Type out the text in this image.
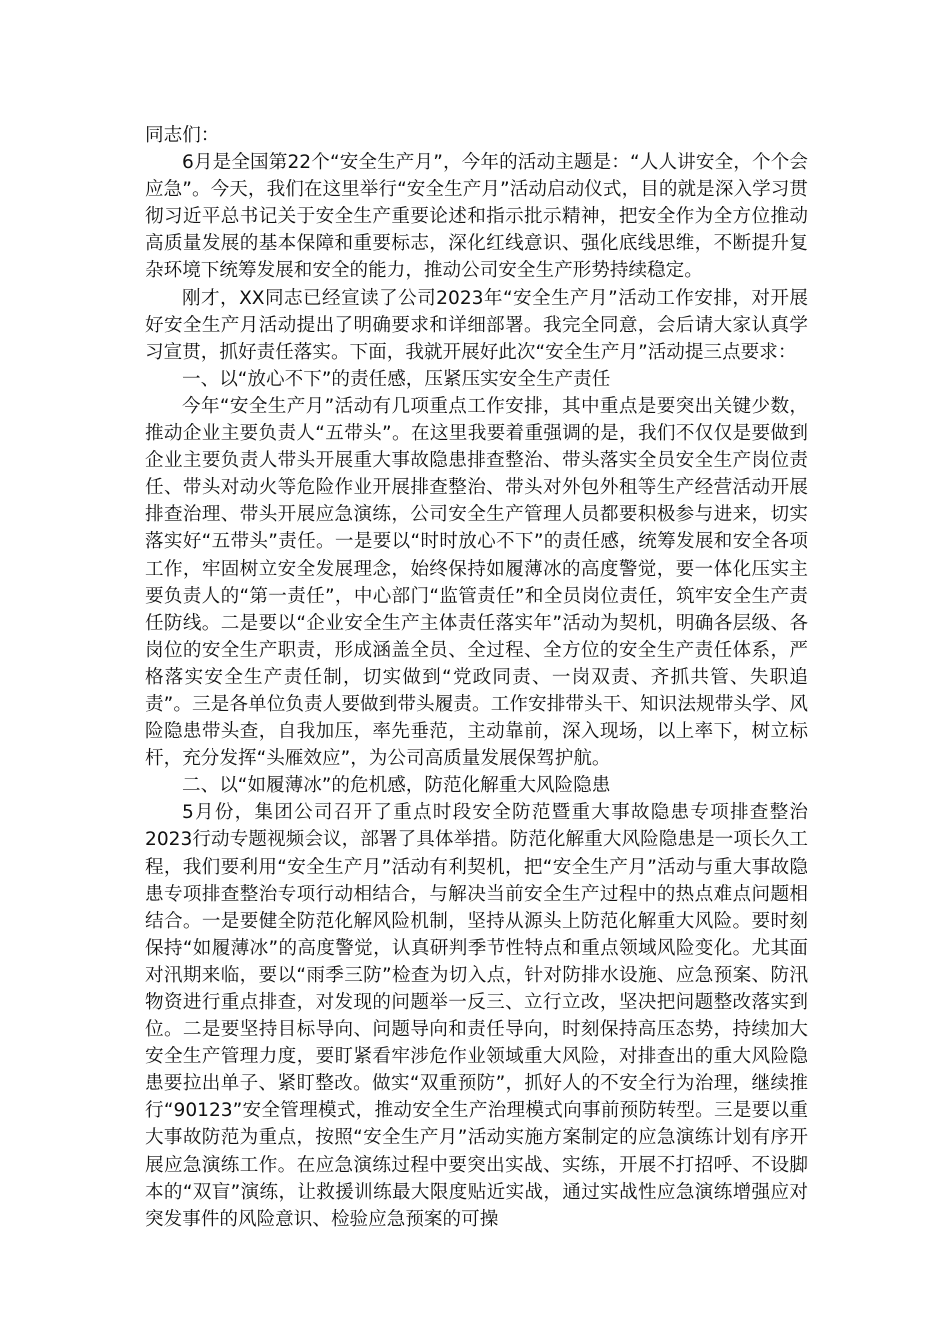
同志们：

6月是全国第22个“安全生产月”，今年的活动主题是：“人人讲安全，个个会应急”。今天，我们在这里举行“安全生产月”活动启动仪式，目的就是深入学习贯彻习近平总书记关于安全生产重要论述和指示批示精神，把安全作为全方位推动高质量发展的基本保障和重要标志，深化红线意识、强化底线思维，不断提升复杂环境下统筹发展和安全的能力，推动公司安全生产形势持续稳定。

刚才，XX同志已经宣读了公司2023年“安全生产月”活动工作安排，对开展好安全生产月活动提出了明确要求和详细部署。我完全同意，会后请大家认真学习宣贯，抓好责任落实。下面，我就开展好此次“安全生产月”活动提三点要求：

一、以“放心不下”的责任感，压紧压实安全生产责任

今年“安全生产月”活动有几项重点工作安排，其中重点是要突出关键少数，推动企业主要负责人“五带头”。在这里我要着重强调的是，我们不仅仅是要做到企业主要负责人带头开展重大事故隐患排查整治、带头落实全员安全生产岗位责任、带头对动火等危险作业开展排查整治、带头对外包外租等生产经营活动开展排查治理、带头开展应急演练，公司安全生产管理人员都要积极参与进来，切实落实好“五带头”责任。一是要以“时时放心不下”的责任感，统筹发展和安全各项工作，牢固树立安全发展理念，始终保持如履薄冰的高度警觉，要一体化压实主要负责人的“第一责任”，中心部门“监管责任”和全员岗位责任，筑牢安全生产责任防线。二是要以“企业安全生产主体责任落实年”活动为契机，明确各层级、各岗位的安全生产职责，形成涵盖全员、全过程、全方位的安全生产责任体系，严格落实安全生产责任制，切实做到“党政同责、一岗双责、齐抓共管、失职追责”。三是各单位负责人要做到带头履责。工作安排带头干、知识法规带头学、风险隐患带头查，自我加压，率先垂范，主动靠前，深入现场，以上率下，树立标杆，充分发挥“头雁效应”，为公司高质量发展保驾护航。

二、以“如履薄冰”的危机感，防范化解重大风险隐患

5月份，集团公司召开了重点时段安全防范暨重大事故隐患专项排查整治2023行动专题视频会议，部署了具体举措。防范化解重大风险隐患是一项长久工程，我们要利用“安全生产月”活动有利契机，把“安全生产月”活动与重大事故隐患专项排查整治专项行动相结合，与解决当前安全生产过程中的热点难点问题相结合。一是要健全防范化解风险机制，坚持从源头上防范化解重大风险。要时刻保持“如履薄冰”的高度警觉，认真研判季节性特点和重点领域风险变化。尤其面对汛期来临，要以“雨季三防”检查为切入点，针对防排水设施、应急预案、防汛物资进行重点排查，对发现的问题举一反三、立行立改，坚决把问题整改落实到位。二是要坚持目标导向、问题导向和责任导向，时刻保持高压态势，持续加大安全生产管理力度，要盯紧看牢涉危作业领域重大风险，对排查出的重大风险隐患要拉出单子、紧盯整改。做实“双重预防”，抓好人的不安全行为治理，继续推行“90123”安全管理模式，推动安全生产治理模式向事前预防转型。三是要以重大事故防范为重点，按照“安全生产月”活动实施方案制定的应急演练计划有序开展应急演练工作。在应急演练过程中要突出实战、实练，开展不打招呼、不设脚本的“双盲”演练，让救援训练最大限度贴近实战，通过实战性应急演练增强应对突发事件的风险意识、检验应急预案的可操
